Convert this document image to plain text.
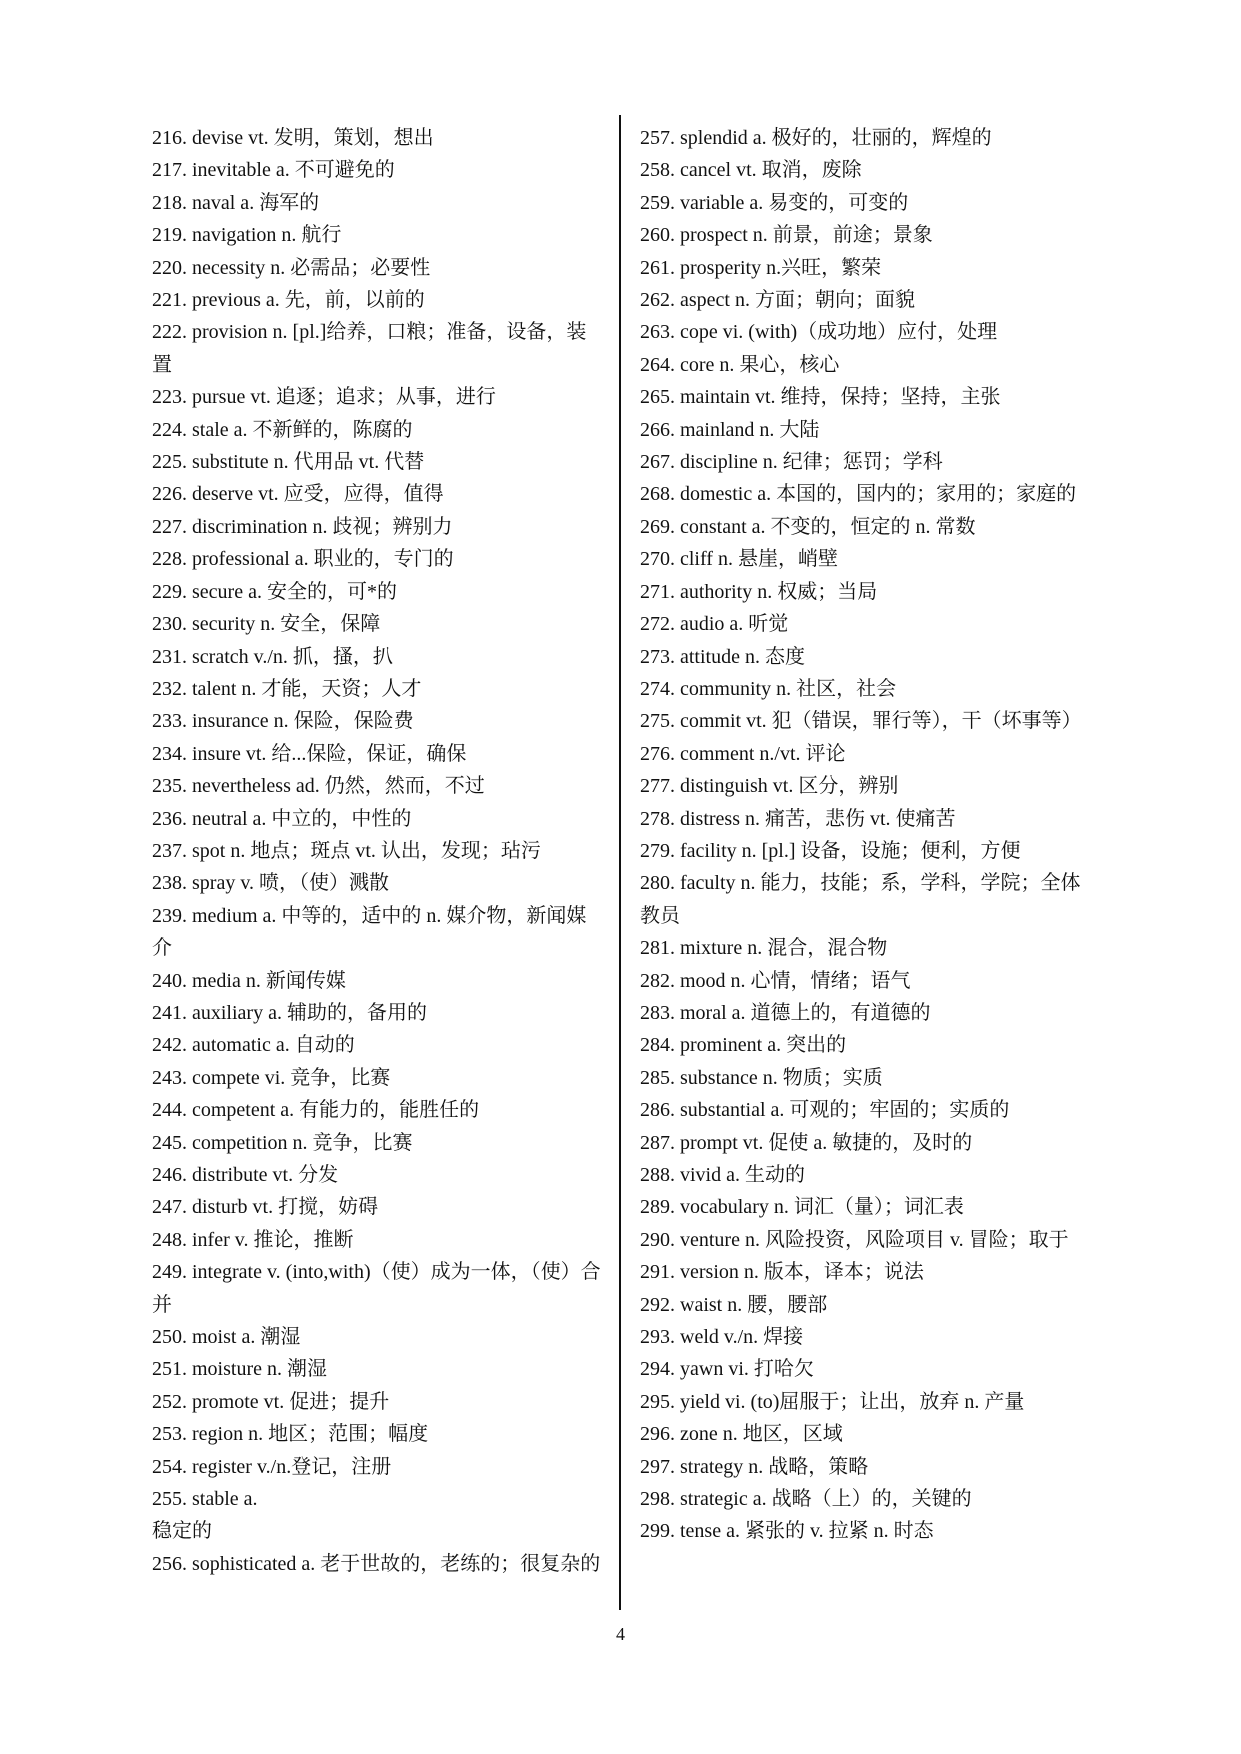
216. devise vt. 发明，策划，想出
217. inevitable a. 不可避免的
218. naval a. 海军的
219. navigation n. 航行
220. necessity n. 必需品；必要性
221. previous a. 先，前，以前的
222. provision n. [pl.]给养，口粮；准备，设备，装置
223. pursue vt. 追逐；追求；从事，进行
224. stale a. 不新鲜的，陈腐的
225. substitute n. 代用品 vt. 代替
226. deserve vt. 应受，应得，值得
227. discrimination n. 歧视；辨别力
228. professional a. 职业的，专门的
229. secure a. 安全的，可*的
230. security n. 安全，保障
231. scratch v./n. 抓，搔，扒
232. talent n. 才能，天资；人才
233. insurance n. 保险，保险费
234. insure vt. 给...保险，保证，确保
235. nevertheless ad. 仍然，然而，不过
236. neutral a. 中立的，中性的
237. spot n. 地点；斑点 vt. 认出，发现；玷污
238. spray v. 喷，（使）溅散
239. medium a. 中等的，适中的 n. 媒介物，新闻媒介
240. media n. 新闻传媒
241. auxiliary a. 辅助的，备用的
242. automatic a. 自动的
243. compete vi. 竞争，比赛
244. competent a. 有能力的，能胜任的
245. competition n. 竞争，比赛
246. distribute vt. 分发
247. disturb vt. 打搅，妨碍
248. infer v. 推论，推断
249. integrate v. (into,with)（使）成为一体，（使）合并
250. moist a. 潮湿
251. moisture n. 潮湿
252. promote vt. 促进；提升
253. region n. 地区；范围；幅度
254. register v./n.登记，注册
255. stable a.
稳定的
256. sophisticated a. 老于世故的，老练的；很复杂的
257. splendid a. 极好的，壮丽的，辉煌的
258. cancel vt. 取消，废除
259. variable a. 易变的，可变的
260. prospect n. 前景，前途；景象
261. prosperity n.兴旺，繁荣
262. aspect n. 方面；朝向；面貌
263. cope vi. (with)（成功地）应付，处理
264. core n. 果心，核心
265. maintain vt. 维持，保持；坚持，主张
266. mainland n. 大陆
267. discipline n. 纪律；惩罚；学科
268. domestic a. 本国的，国内的；家用的；家庭的
269. constant a. 不变的，恒定的 n. 常数
270. cliff n. 悬崖，峭壁
271. authority n. 权威；当局
272. audio a. 听觉
273. attitude n. 态度
274. community n. 社区，社会
275. commit vt. 犯（错误，罪行等），干（坏事等）
276. comment n./vt. 评论
277. distinguish vt. 区分，辨别
278. distress n. 痛苦，悲伤 vt. 使痛苦
279. facility n. [pl.] 设备，设施；便利，方便
280. faculty n. 能力，技能；系，学科，学院；全体教员
281. mixture n. 混合，混合物
282. mood n. 心情，情绪；语气
283. moral a. 道德上的，有道德的
284. prominent a. 突出的
285. substance n. 物质；实质
286. substantial a. 可观的；牢固的；实质的
287. prompt vt. 促使 a. 敏捷的，及时的
288. vivid a. 生动的
289. vocabulary n. 词汇（量）；词汇表
290. venture n. 风险投资，风险项目 v. 冒险；取于
291. version n. 版本，译本；说法
292. waist n. 腰，腰部
293. weld v./n. 焊接
294. yawn vi. 打哈欠
295. yield vi. (to)屈服于；让出，放弃 n. 产量
296. zone n. 地区，区域
297. strategy n. 战略，策略
298. strategic a. 战略（上）的，关键的
299. tense a. 紧张的 v. 拉紧 n. 时态
4
